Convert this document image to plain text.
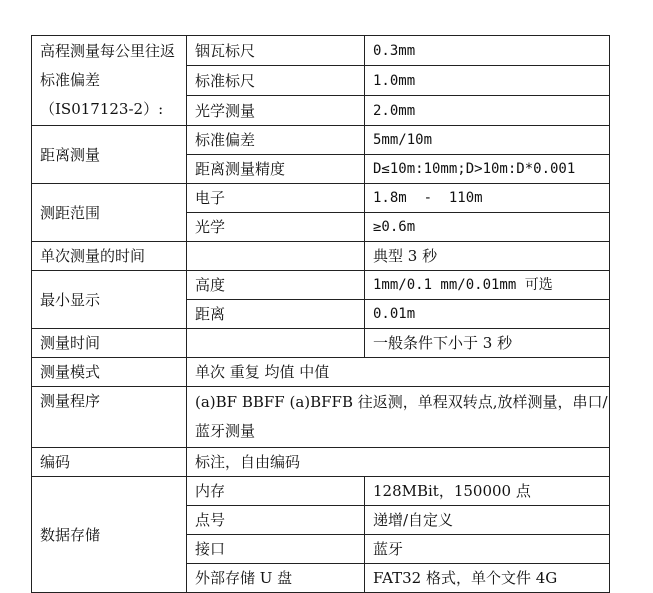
高程测量每公里往返标准偏差（IS017123-2）:	铟瓦标尺	0.3mm
	标准标尺	1.0mm
	光学测量	2.0mm
距离测量	标准偏差	5mm/10m
	距离测量精度	D≤10m:10mm;D>10m:D*0.001
测距范围	电子	1.8m  -  110m
	光学	≥0.6m
单次测量的时间		典型 3 秒
最小显示	高度	1mm/0.1 mm/0.01mm 可选
	距离	0.01m
测量时间		一般条件下小于 3 秒
测量模式	单次 重复 均值 中值	
测量程序	(a)BF BBFF (a)BFFB 往返测，单程双转点,放样测量，串口/蓝牙测量	
编码	标注，自由编码	
数据存储	内存	128MBit，150000 点
	点号	递增/自定义
	接口	蓝牙
	外部存储 U 盘	FAT32 格式，单个文件 4G
